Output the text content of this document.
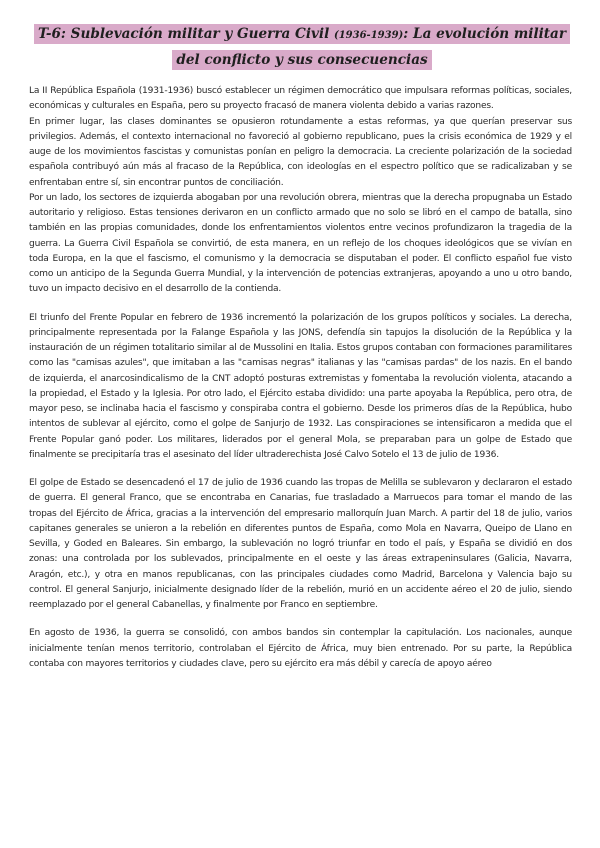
T-6: Sublevación militar y Guerra Civil (1936-1939): La evolución militar del conflicto y sus consecuencias

La II República Española (1931-1936) buscó establecer un régimen democrático que impulsara reformas políticas, sociales, económicas y culturales en España, pero su proyecto fracasó de manera violenta debido a varias razones.

En primer lugar, las clases dominantes se opusieron rotundamente a estas reformas, ya que querían preservar sus privilegios. Además, el contexto internacional no favoreció al gobierno republicano, pues la crisis económica de 1929 y el auge de los movimientos fascistas y comunistas ponían en peligro la democracia. La creciente polarización de la sociedad española contribuyó aún más al fracaso de la República, con ideologías en el espectro político que se radicalizaban y se enfrentaban entre sí, sin encontrar puntos de conciliación.

Por un lado, los sectores de izquierda abogaban por una revolución obrera, mientras que la derecha propugnaba un Estado autoritario y religioso. Estas tensiones derivaron en un conflicto armado que no solo se libró en el campo de batalla, sino también en las propias comunidades, donde los enfrentamientos violentos entre vecinos profundizaron la tragedia de la guerra. La Guerra Civil Española se convirtió, de esta manera, en un reflejo de los choques ideológicos que se vivían en toda Europa, en la que el fascismo, el comunismo y la democracia se disputaban el poder. El conflicto español fue visto como un anticipo de la Segunda Guerra Mundial, y la intervención de potencias extranjeras, apoyando a uno u otro bando, tuvo un impacto decisivo en el desarrollo de la contienda.

El triunfo del Frente Popular en febrero de 1936 incrementó la polarización de los grupos políticos y sociales. La derecha, principalmente representada por la Falange Española y las JONS, defendía sin tapujos la disolución de la República y la instauración de un régimen totalitario similar al de Mussolini en Italia. Estos grupos contaban con formaciones paramilitares como las "camisas azules", que imitaban a las "camisas negras" italianas y las "camisas pardas" de los nazis. En el bando de izquierda, el anarcosindicalismo de la CNT adoptó posturas extremistas y fomentaba la revolución violenta, atacando a la propiedad, el Estado y la Iglesia. Por otro lado, el Ejército estaba dividido: una parte apoyaba la República, pero otra, de mayor peso, se inclinaba hacia el fascismo y conspiraba contra el gobierno. Desde los primeros días de la República, hubo intentos de sublevar al ejército, como el golpe de Sanjurjo de 1932. Las conspiraciones se intensificaron a medida que el Frente Popular ganó poder. Los militares, liderados por el general Mola, se preparaban para un golpe de Estado que finalmente se precipitaría tras el asesinato del líder ultraderechista José Calvo Sotelo el 13 de julio de 1936.

El golpe de Estado se desencadenó el 17 de julio de 1936 cuando las tropas de Melilla se sublevaron y declararon el estado de guerra. El general Franco, que se encontraba en Canarias, fue trasladado a Marruecos para tomar el mando de las tropas del Ejército de África, gracias a la intervención del empresario mallorquín Juan March. A partir del 18 de julio, varios capitanes generales se unieron a la rebelión en diferentes puntos de España, como Mola en Navarra, Queipo de Llano en Sevilla, y Goded en Baleares. Sin embargo, la sublevación no logró triunfar en todo el país, y España se dividió en dos zonas: una controlada por los sublevados, principalmente en el oeste y las áreas extrapeninsulares (Galicia, Navarra, Aragón, etc.), y otra en manos republicanas, con las principales ciudades como Madrid, Barcelona y Valencia bajo su control. El general Sanjurjo, inicialmente designado líder de la rebelión, murió en un accidente aéreo el 20 de julio, siendo reemplazado por el general Cabanellas, y finalmente por Franco en septiembre.

En agosto de 1936, la guerra se consolidó, con ambos bandos sin contemplar la capitulación. Los nacionales, aunque inicialmente tenían menos territorio, controlaban el Ejército de África, muy bien entrenado. Por su parte, la República contaba con mayores territorios y ciudades clave, pero su ejército era más débil y carecía de apoyo aéreo
